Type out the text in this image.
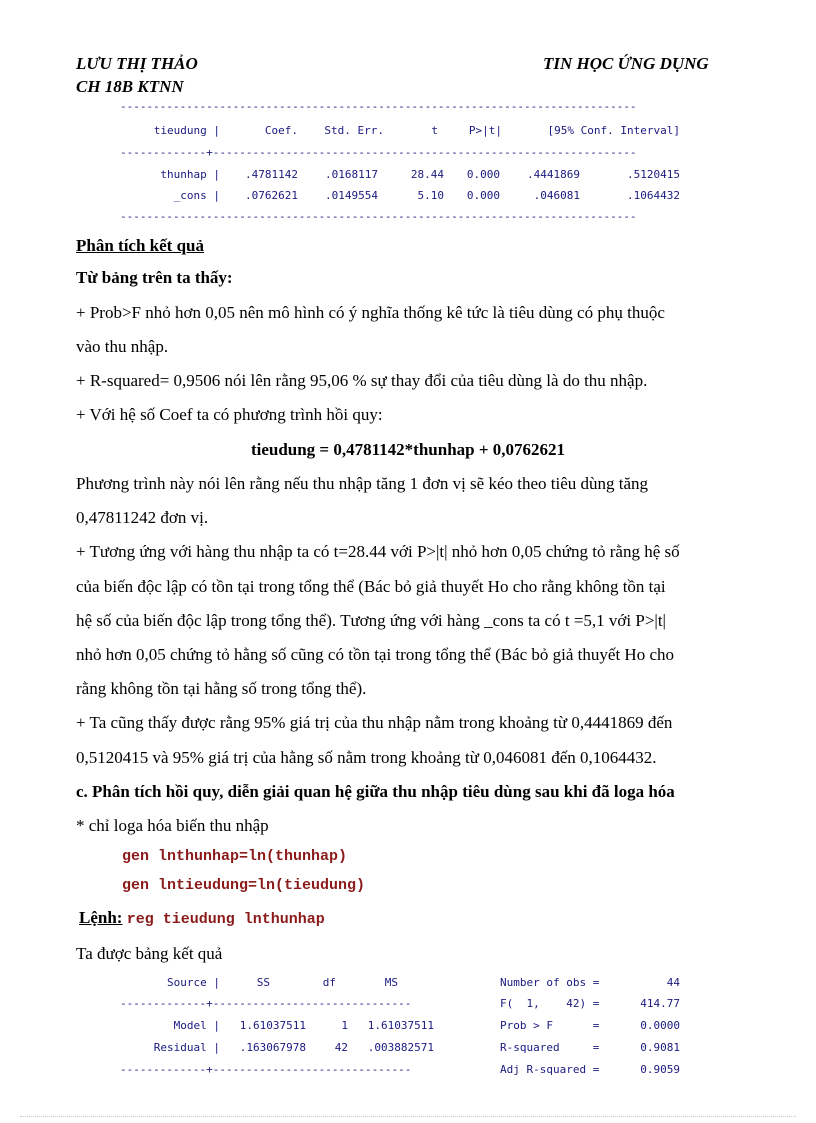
LƯU THỊ THẢO
CH 18B KTNN
TIN HỌC ỨNG DỤNG
------------------------------------------------------------------------------
tieudung |	Coef.	Std. Err.	t	P>|t|	[95% Conf. Interval]
-------------+----------------------------------------------------------------
thunhap |	.4781142	.0168117	28.44	0.000	.4441869	.5120415
_cons |	.0762621	.0149554	5.10	0.000	.046081	.1064432
------------------------------------------------------------------------------
Phân tích kết quả
Từ bảng trên ta thấy:
+ Prob>F nhỏ hơn 0,05 nên mô hình có ý nghĩa thống kê tức là tiêu dùng có phụ thuộc
vào thu nhập.
+ R-squared= 0,9506 nói lên rằng 95,06 % sự thay đổi của tiêu dùng là do thu nhập.
+ Với hệ số Coef ta có phương trình hồi quy:
tieudung = 0,4781142*thunhap + 0,0762621
Phương trình này nói lên rằng nếu thu nhập tăng 1 đơn vị sẽ kéo theo tiêu dùng tăng
0,47811242 đơn vị.
+ Tương ứng với hàng thu nhập ta có t=28.44 với P>|t| nhỏ hơn 0,05 chứng tỏ rằng hệ số
của biến độc lập có tồn tại trong tổng thể (Bác bỏ giả thuyết Ho cho rằng không tồn tại
hệ số của biến độc lập trong tổng thể). Tương ứng với hàng _cons ta có t =5,1 với P>|t|
nhỏ hơn 0,05 chứng tỏ hằng số cũng có tồn tại trong tổng thể (Bác bỏ giả thuyết Ho cho
rằng không tồn tại hằng số trong tổng thể).
+ Ta cũng thấy được rằng 95% giá trị của thu nhập nằm trong khoảng từ 0,4441869 đến
0,5120415 và 95% giá trị của hằng số nằm trong khoảng từ 0,046081 đến 0,1064432.
c. Phân tích hồi quy, diễn giải quan hệ giữa thu nhập tiêu dùng sau khi đã loga hóa
* chỉ loga hóa biến thu nhập
gen lnthunhap=ln(thunhap)
gen lntieudung=ln(tieudung)
Lệnh: reg tieudung lnthunhap
Ta được bảng kết quả
Source |	SS	df	MS
-------------+------------------------------
Model |	1.61037511	1	1.61037511
Residual |	.163067978	42	.003882571
-------------+------------------------------
Number of obs =	44
F(  1,    42) =	414.77
Prob > F      =	0.0000
R-squared     =	0.9081
Adj R-squared =	0.9059
